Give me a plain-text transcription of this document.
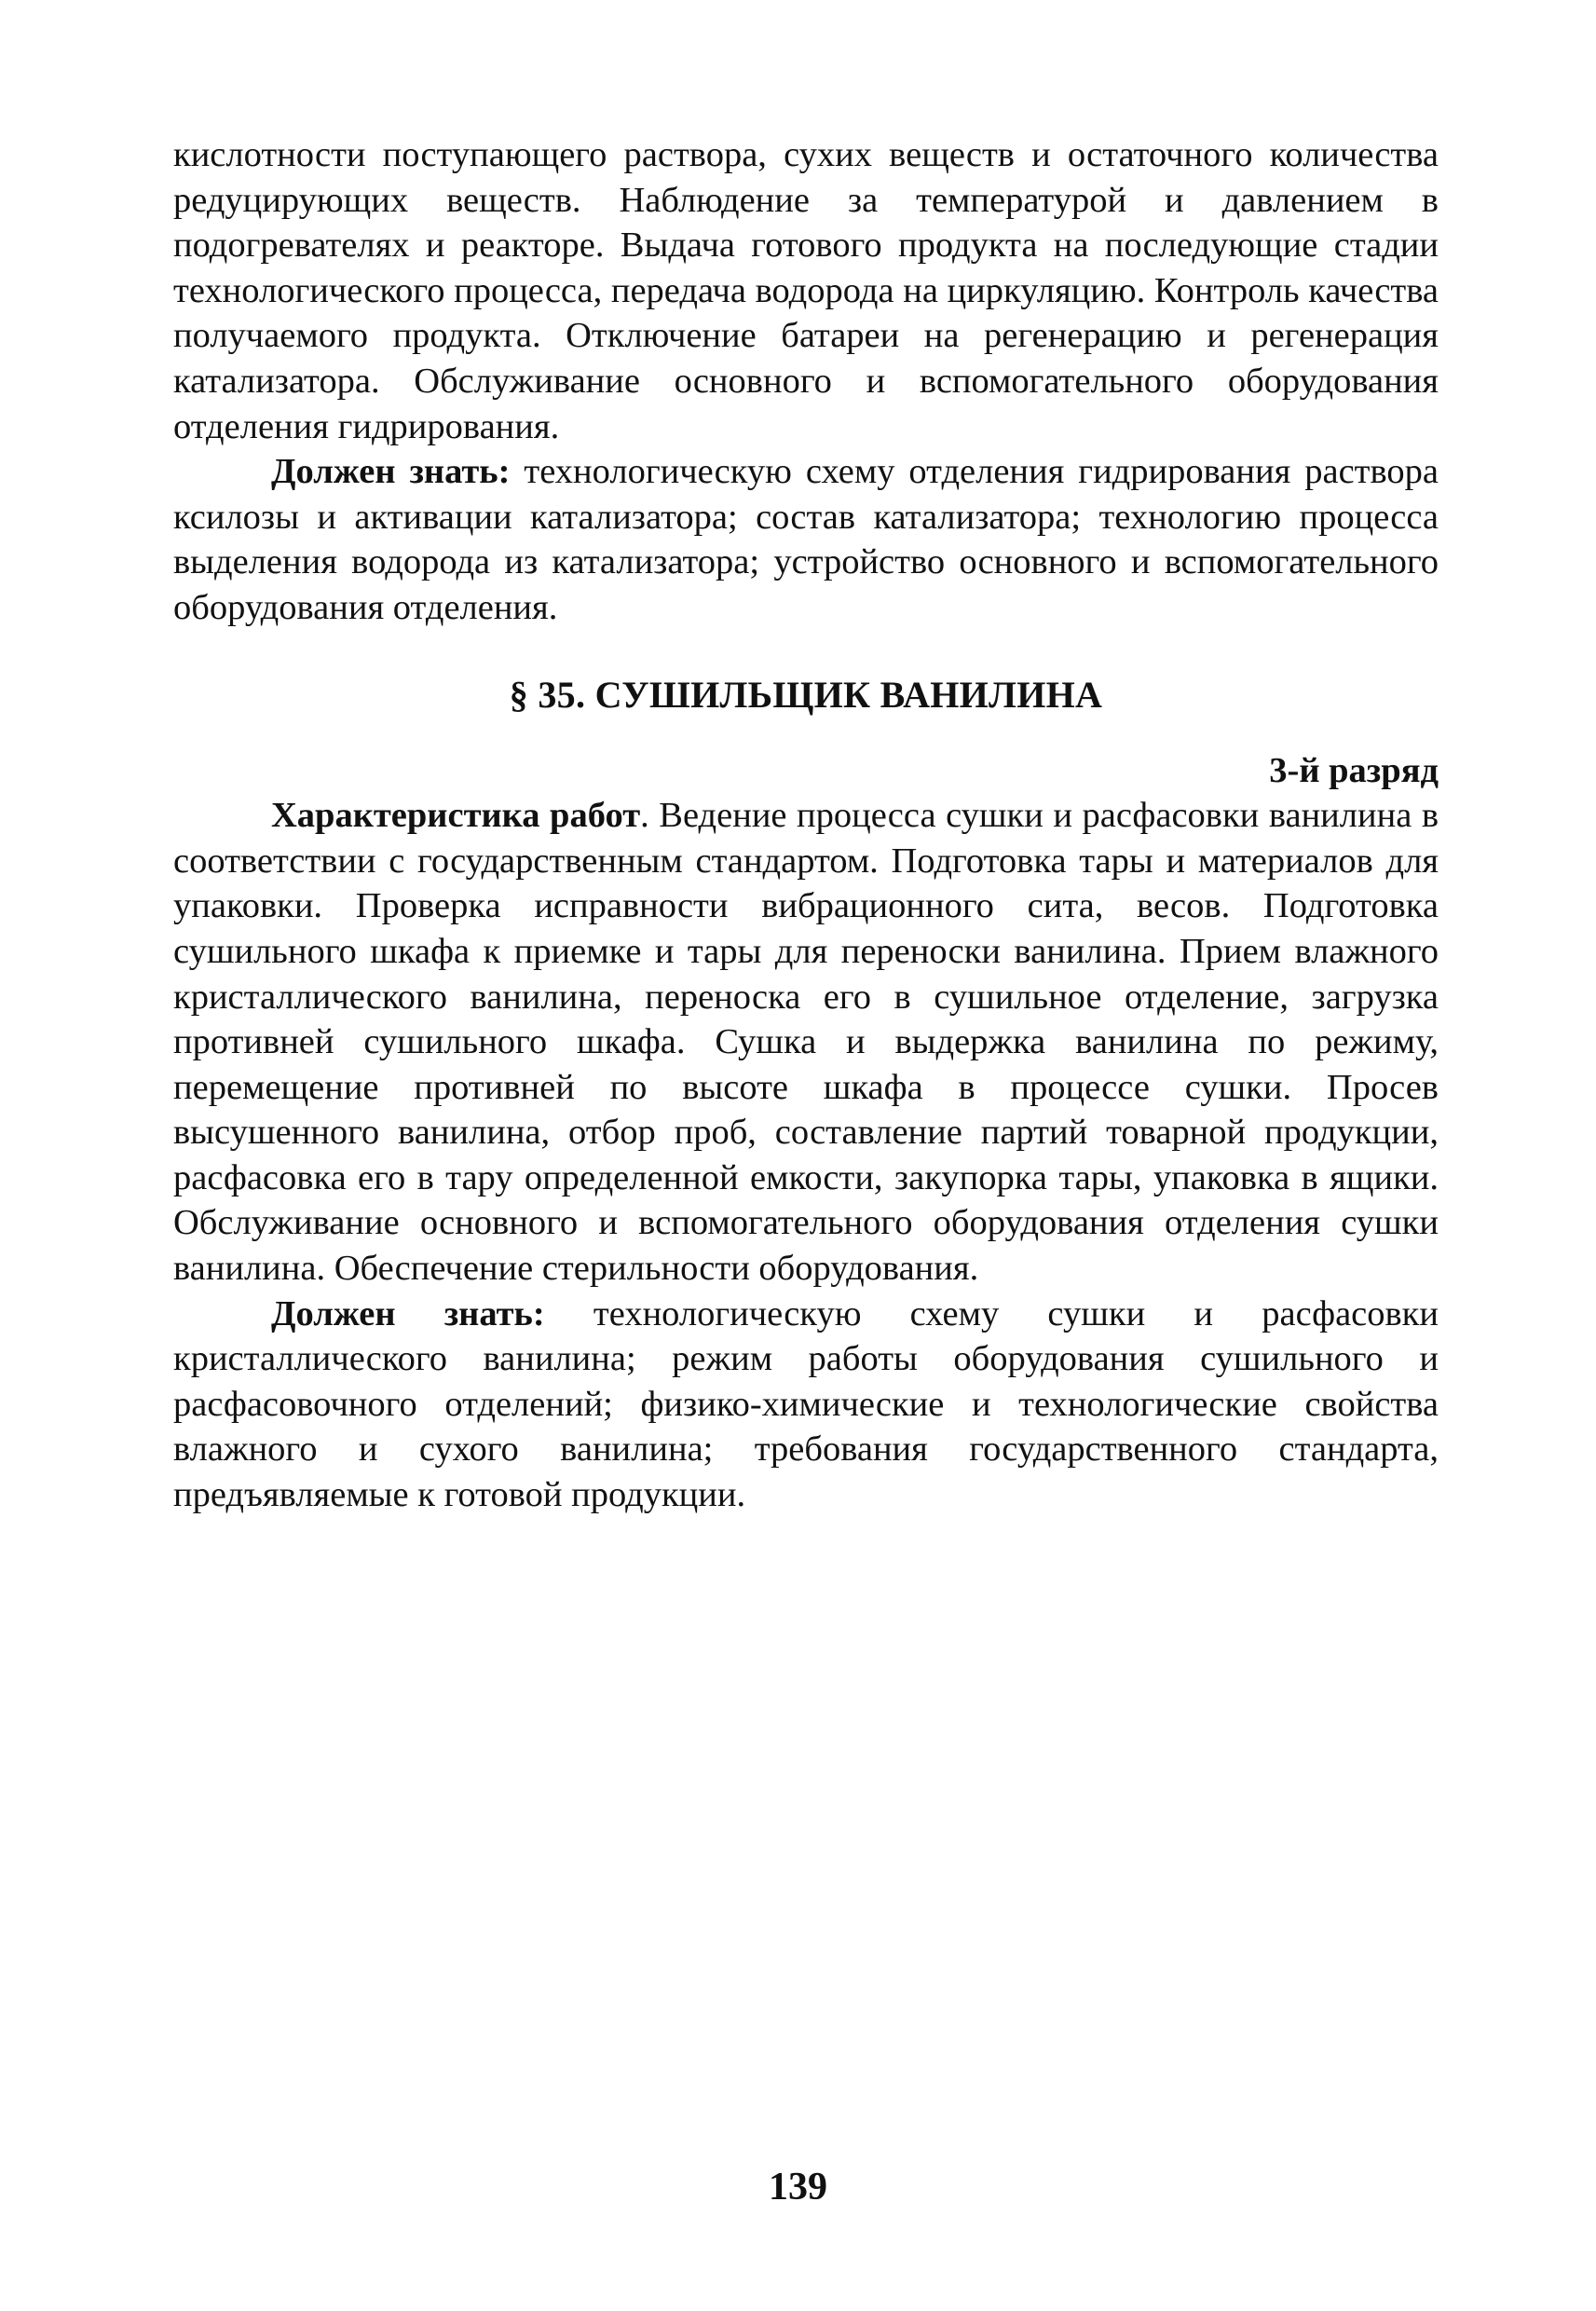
кислотности поступающего раствора, сухих веществ и остаточного количества редуцирующих веществ. Наблюдение за температурой и давлением в подогревателях и реакторе. Выдача готового продукта на последующие стадии технологического процесса, передача водорода на циркуляцию. Контроль качества получаемого продукта. Отключение батареи на регенерацию и регенерация катализатора. Обслуживание основного и вспомогательного оборудования отделения гидрирования.

Должен знать: технологическую схему отделения гидрирования раствора ксилозы и активации катализатора; состав катализатора; технологию процесса выделения водорода из катализатора; устройство основного и вспомогательного оборудования отделения.

§ 35. СУШИЛЬЩИК ВАНИЛИНА
3-й разряд

Характеристика работ. Ведение процесса сушки и расфасовки ванилина в соответствии с государственным стандартом. Подготовка тары и материалов для упаковки. Проверка исправности вибрационного сита, весов. Подготовка сушильного шкафа к приемке и тары для переноски ванилина. Прием влажного кристаллического ванилина, переноска его в сушильное отделение, загрузка противней сушильного шкафа. Сушка и выдержка ванилина по режиму, перемещение противней по высоте шкафа в процессе сушки. Просев высушенного ванилина, отбор проб, составление партий товарной продукции, расфасовка его в тару определенной емкости, закупорка тары, упаковка в ящики. Обслуживание основного и вспомогательного оборудования отделения сушки ванилина. Обеспечение стерильности оборудования.

Должен знать: технологическую схему сушки и расфасовки кристаллического ванилина; режим работы оборудования сушильного и расфасовочного отделений; физико-химические и технологические свойства влажного и сухого ванилина; требования государственного стандарта, предъявляемые к готовой продукции.

139
